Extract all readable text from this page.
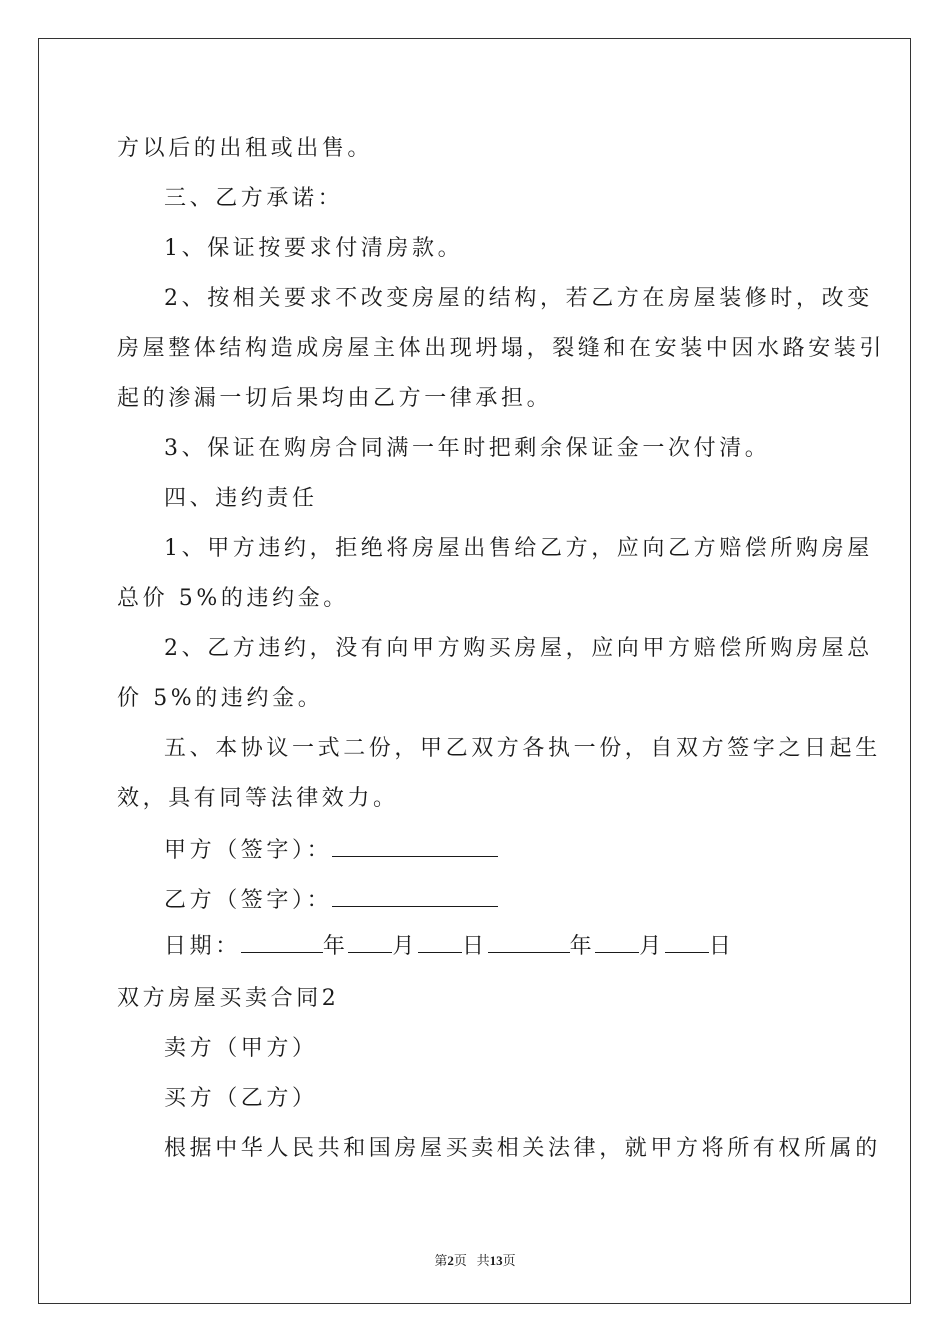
方以后的出租或出售。
三、乙方承诺：
1、保证按要求付清房款。
2、按相关要求不改变房屋的结构，若乙方在房屋装修时，改变
房屋整体结构造成房屋主体出现坍塌，裂缝和在安装中因水路安装引
起的渗漏一切后果均由乙方一律承担。
3、保证在购房合同满一年时把剩余保证金一次付清。
四、违约责任
1、甲方违约，拒绝将房屋出售给乙方，应向乙方赔偿所购房屋
总价 5%的违约金。
2、乙方违约，没有向甲方购买房屋，应向甲方赔偿所购房屋总
价 5%的违约金。
五、本协议一式二份，甲乙双方各执一份，自双方签字之日起生
效，具有同等法律效力。
甲方（签字）：
乙方（签字）：
日期：	年 月 日	年 月 日
双方房屋买卖合同2
卖方（甲方）
买方（乙方）
根据中华人民共和国房屋买卖相关法律，就甲方将所有权所属的
第2页 共13页
